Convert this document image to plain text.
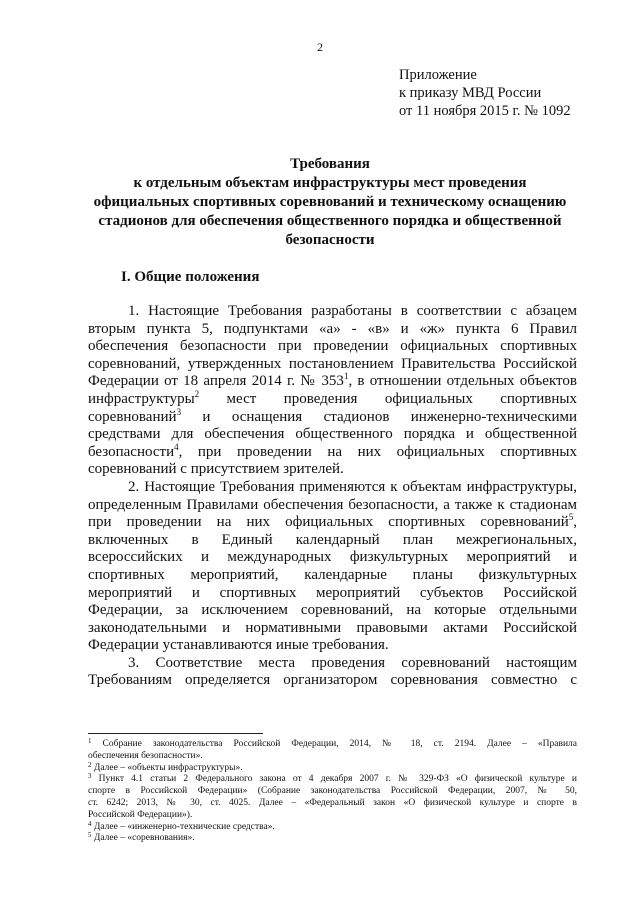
2
Приложение
к приказу МВД России
от 11 ноября 2015 г. № 1092
Требования
к отдельным объектам инфраструктуры мест проведения
официальных спортивных соревнований и техническому оснащению
стадионов для обеспечения общественного порядка и общественной
безопасности
I. Общие положения
1. Настоящие Требования разработаны в соответствии с абзацем
вторым пункта 5, подпунктами «а» - «в» и «ж» пункта 6 Правил
обеспечения безопасности при проведении официальных спортивных
соревнований, утвержденных постановлением Правительства Российской
Федерации от 18 апреля 2014 г. № $353^1$, в отношении отдельных объектов
инфраструктуры$^2$ мест проведения официальных спортивных
соревнований$^3$ и оснащения стадионов инженерно-техническими
средствами для обеспечения общественного порядка и общественной
безопасности$^4$, при проведении на них официальных спортивных
соревнований с присутствием зрителей.
2. Настоящие Требования применяются к объектам инфраструктуры,
определенным Правилами обеспечения безопасности, а также к стадионам
при проведении на них официальных спортивных соревнований$^5$,
включенных в Единый календарный план межрегиональных,
всероссийских и международных физкультурных мероприятий и
спортивных мероприятий, календарные планы физкультурных
мероприятий и спортивных мероприятий субъектов Российской
Федерации, за исключением соревнований, на которые отдельными
законодательными и нормативными правовыми актами Российской
Федерации устанавливаются иные требования.
3. Соответствие места проведения соревнований настоящим
Требованиям определяется организатором соревнования совместно с
$^1$ Собрание законодательства Российской Федерации, 2014, № 18, ст. 2194. Далее – «Правила
обеспечения безопасности».
$^2$ Далее – «объекты инфраструктуры».
$^3$ Пункт 4.1 статьи 2 Федерального закона от 4 декабря 2007 г. № 329-ФЗ «О физической культуре и
спорте в Российской Федерации» (Собрание законодательства Российской Федерации, 2007, № 50,
ст. 6242; 2013, № 30, ст. 4025. Далее – «Федеральный закон «О физической культуре и спорте в
Российской Федерации»).
$^4$ Далее – «инженерно-технические средства».
$^5$ Далее – «соревнования».
